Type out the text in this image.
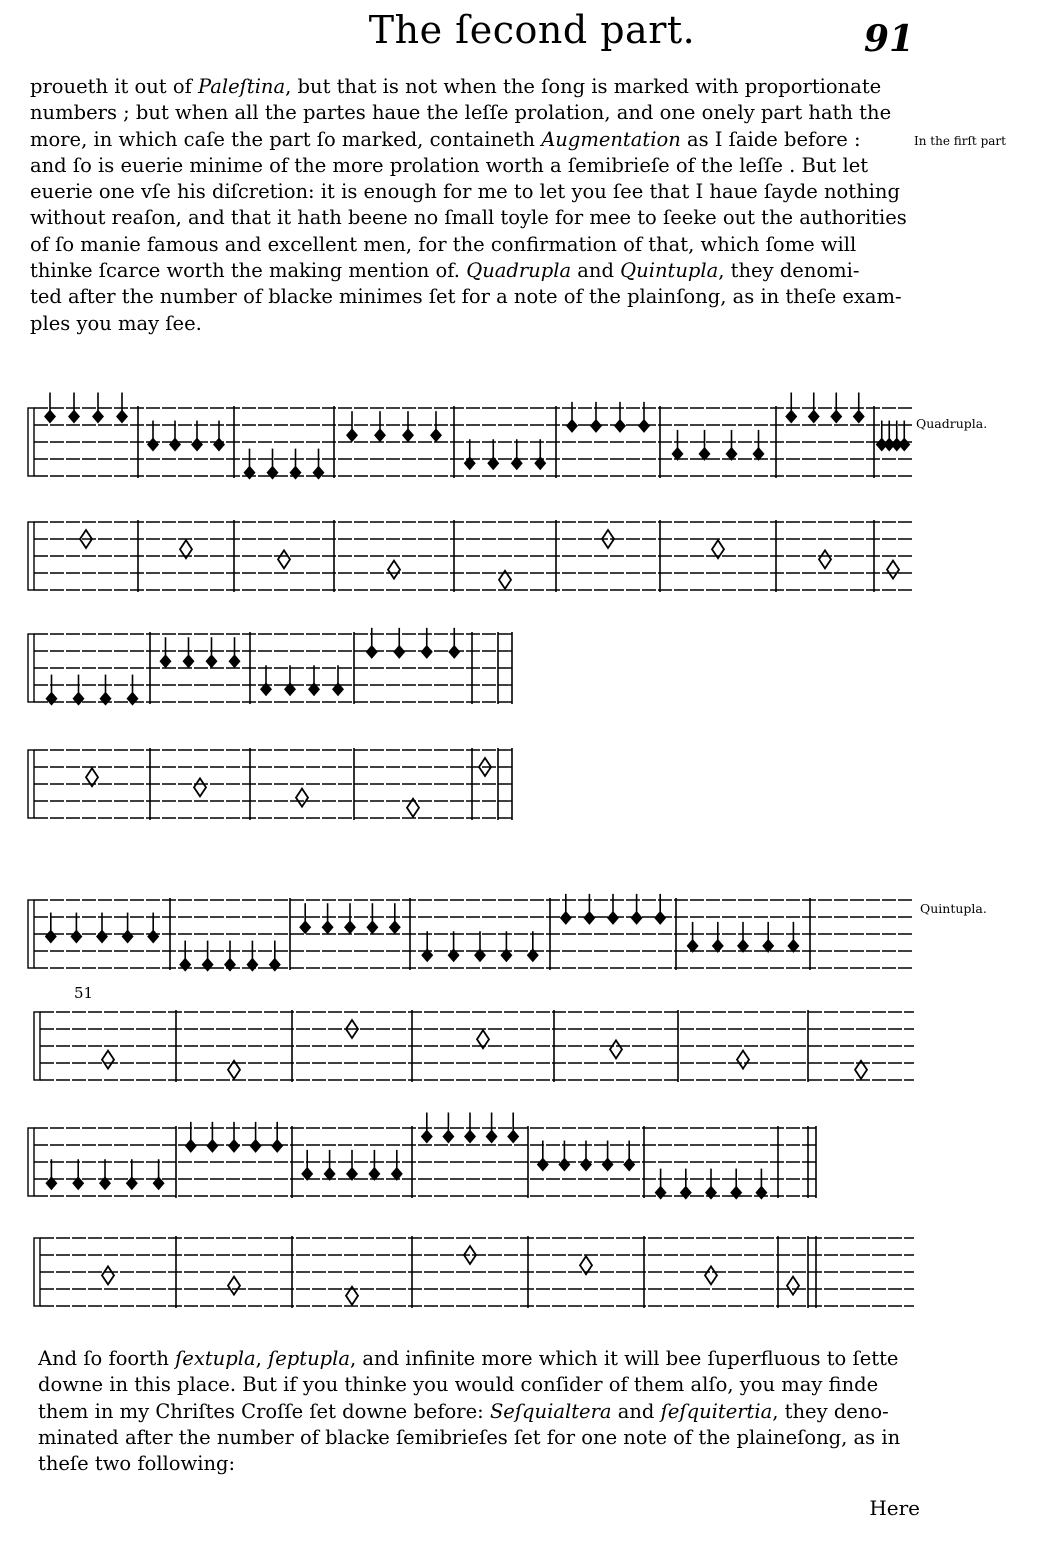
The ſecond part.	91
proueth it out of Paleſtina, but that is not when the ſong is marked with proportionate
numbers ; but when all the partes haue the leſſe prolation, and one onely part hath the
more, in which caſe the part ſo marked, containeth Augmentation as I ſaide before :
and ſo is euerie minime of the more prolation worth a ſemibrieſe of the leſſe . But let
euerie one vſe his diſcretion: it is enough for me to let you ſee that I haue ſayde nothing
without reaſon, and that it hath beene no ſmall toyle for mee to ſeeke out the authorities
of ſo manie famous and excellent men, for the confirmation of that, which ſome will
thinke ſcarce worth the making mention of. Quadrupla and Quintupla, they denomi-
ted after the number of blacke minimes ſet for a note of the plainſong, as in theſe exam-
ples you may ſee.
In the firſt part
Quadrupla.
Quintupla.
51
And ſo foorth ſextupla, ſeptupla, and infinite more which it will bee ſuperfluous to ſette
downe in this place. But if you thinke you would conſider of them alſo, you may finde
them in my Chriſtes Croſſe ſet downe before: Seſquialtera and ſeſquitertia, they deno-
minated after the number of blacke ſemibrieſes ſet for one note of the plaineſong, as in
theſe two following:
Here
